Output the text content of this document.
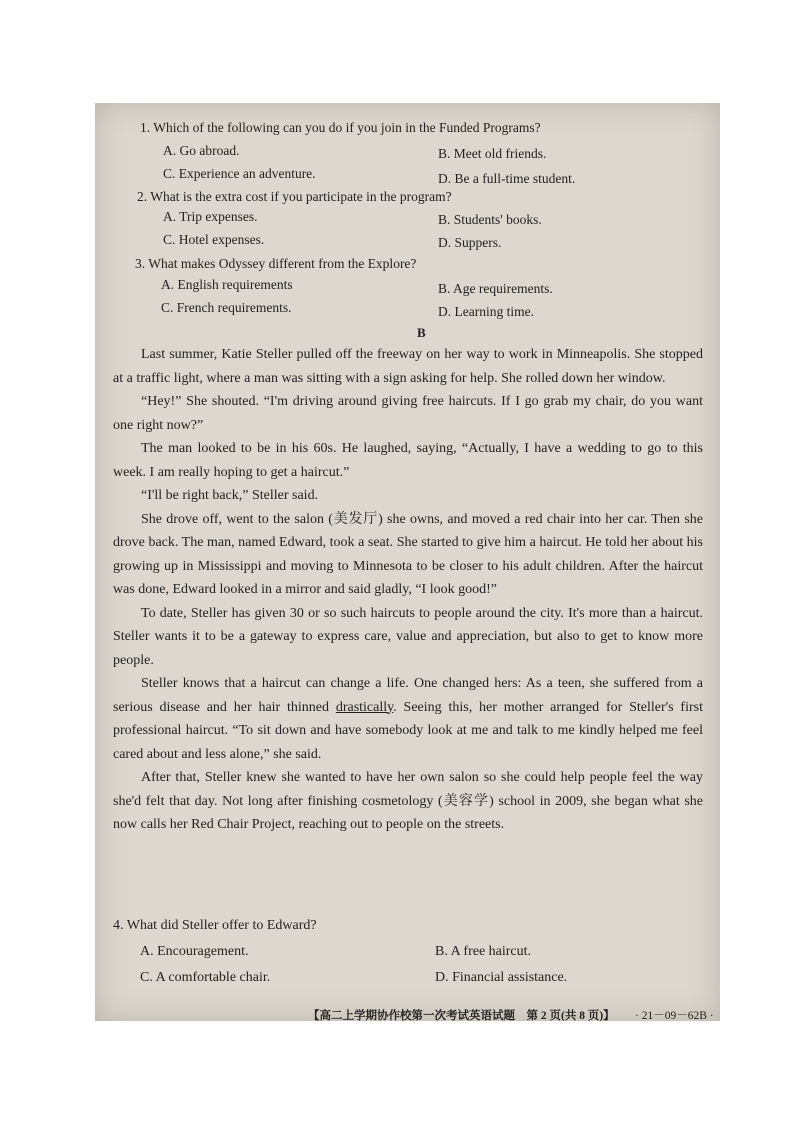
1. Which of the following can you do if you join in the Funded Programs?
A. Go abroad.	B. Meet old friends.
C. Experience an adventure.	D. Be a full-time student.
2. What is the extra cost if you participate in the program?
A. Trip expenses.	B. Students' books.
C. Hotel expenses.	D. Suppers.
3. What makes Odyssey different from the Explore?
A. English requirements	B. Age requirements.
C. French requirements.	D. Learning time.
B

Last summer, Katie Steller pulled off the freeway on her way to work in Minneapolis. She stopped at a traffic light, where a man was sitting with a sign asking for help. She rolled down her window.

“Hey!” She shouted. “I'm driving around giving free haircuts. If I go grab my chair, do you want one right now?”

The man looked to be in his 60s. He laughed, saying, “Actually, I have a wedding to go to this week. I am really hoping to get a haircut.”

“I'll be right back,” Steller said.

She drove off, went to the salon (美发厅) she owns, and moved a red chair into her car. Then she drove back. The man, named Edward, took a seat. She started to give him a haircut. He told her about his growing up in Mississippi and moving to Minnesota to be closer to his adult children. After the haircut was done, Edward looked in a mirror and said gladly, “I look good!”

To date, Steller has given 30 or so such haircuts to people around the city. It's more than a haircut. Steller wants it to be a gateway to express care, value and appreciation, but also to get to know more people.

Steller knows that a haircut can change a life. One changed hers: As a teen, she suffered from a serious disease and her hair thinned drastically. Seeing this, her mother arranged for Steller's first professional haircut. “To sit down and have somebody look at me and talk to me kindly helped me feel cared about and less alone,” she said.

After that, Steller knew she wanted to have her own salon so she could help people feel the way she'd felt that day. Not long after finishing cosmetology (美容学) school in 2009, she began what she now calls her Red Chair Project, reaching out to people on the streets.

4. What did Steller offer to Edward?
A. Encouragement.	B. A free haircut.
C. A comfortable chair.	D. Financial assistance.
【高二上学期协作校第一次考试英语试题　第 2 页(共 8 页)】 · 21－09－62B ·
